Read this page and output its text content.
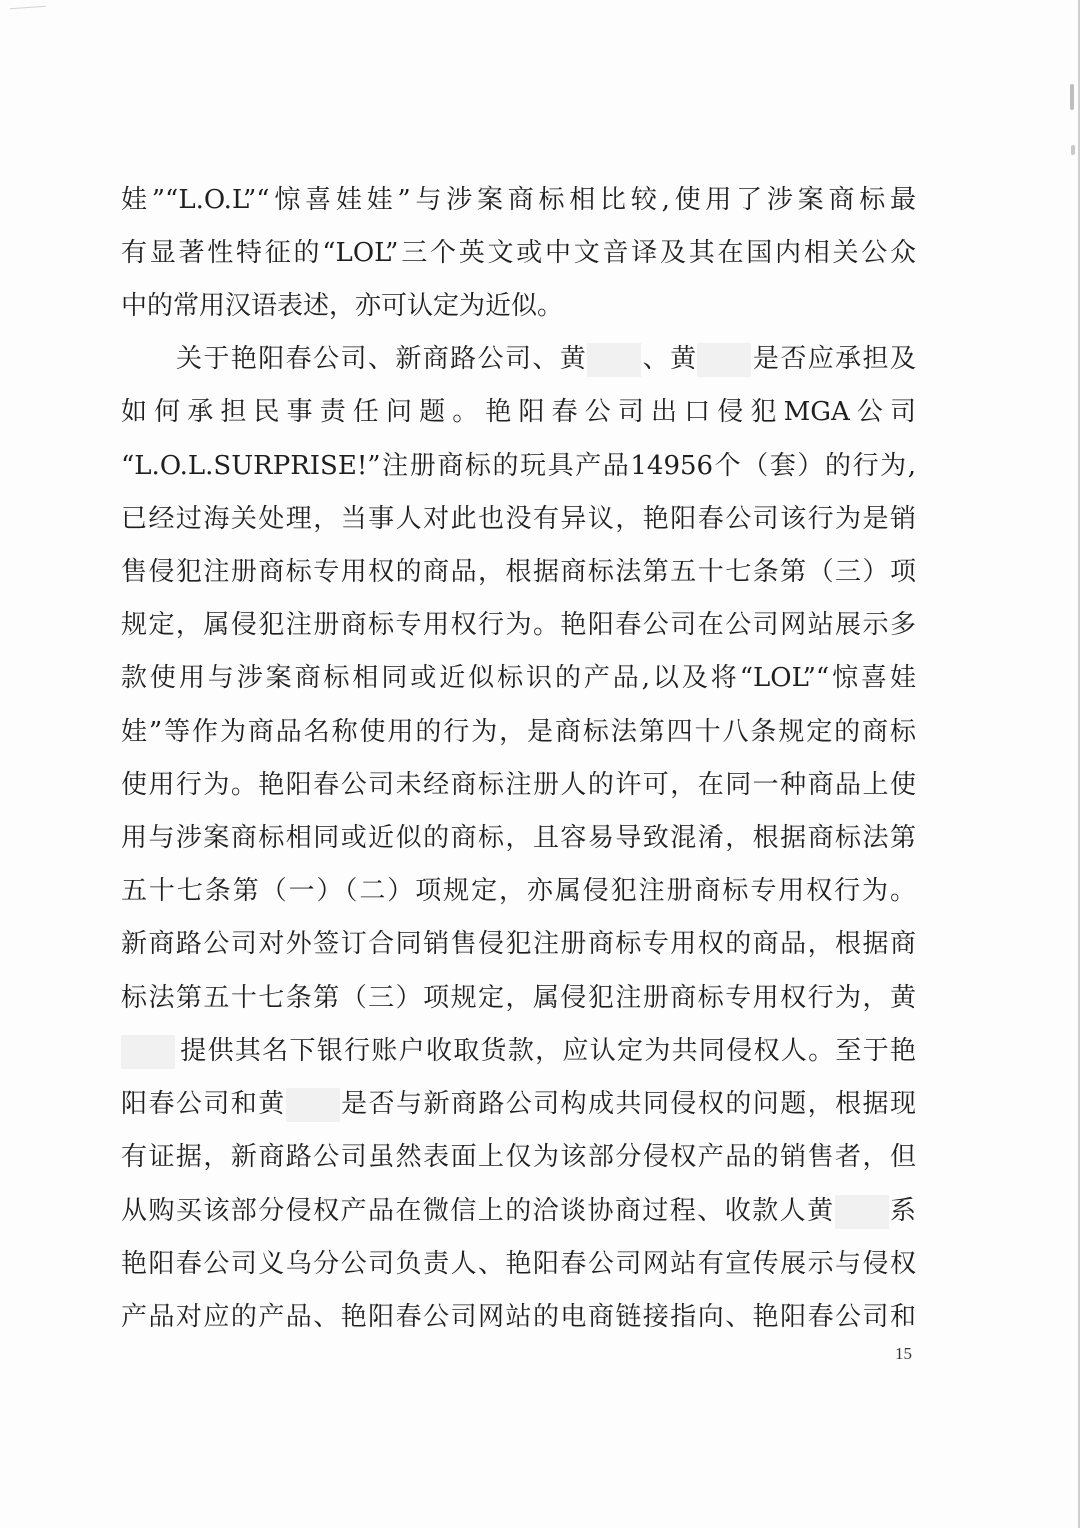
娃”“L.O.L”“惊喜娃娃”与涉案商标相比较,使用了涉案商标最
有显著性特征的“LOL”三个英文或中文音译及其在国内相关公众
中的常用汉语表述，亦可认定为近似。
关于艳阳春公司、新商路公司、黄 、黄 是否应承担及
如何承担民事责任问题。艳阳春公司出口侵犯MGA公司
“L.O.L.SURPRISE!”注册商标的玩具产品14956个（套）的行为,
已经过海关处理，当事人对此也没有异议，艳阳春公司该行为是销
售侵犯注册商标专用权的商品，根据商标法第五十七条第（三）项
规定，属侵犯注册商标专用权行为。艳阳春公司在公司网站展示多
款使用与涉案商标相同或近似标识的产品,以及将“LOL”“惊喜娃
娃”等作为商品名称使用的行为，是商标法第四十八条规定的商标
使用行为。艳阳春公司未经商标注册人的许可，在同一种商品上使
用与涉案商标相同或近似的商标，且容易导致混淆，根据商标法第
五十七条第（一）（二）项规定，亦属侵犯注册商标专用权行为。
新商路公司对外签订合同销售侵犯注册商标专用权的商品，根据商
标法第五十七条第（三）项规定，属侵犯注册商标专用权行为，黄
提供其名下银行账户收取货款，应认定为共同侵权人。至于艳
阳春公司和黄 是否与新商路公司构成共同侵权的问题，根据现
有证据，新商路公司虽然表面上仅为该部分侵权产品的销售者，但
从购买该部分侵权产品在微信上的洽谈协商过程、收款人黄 系
艳阳春公司义乌分公司负责人、艳阳春公司网站有宣传展示与侵权
产品对应的产品、艳阳春公司网站的电商链接指向、艳阳春公司和
15
